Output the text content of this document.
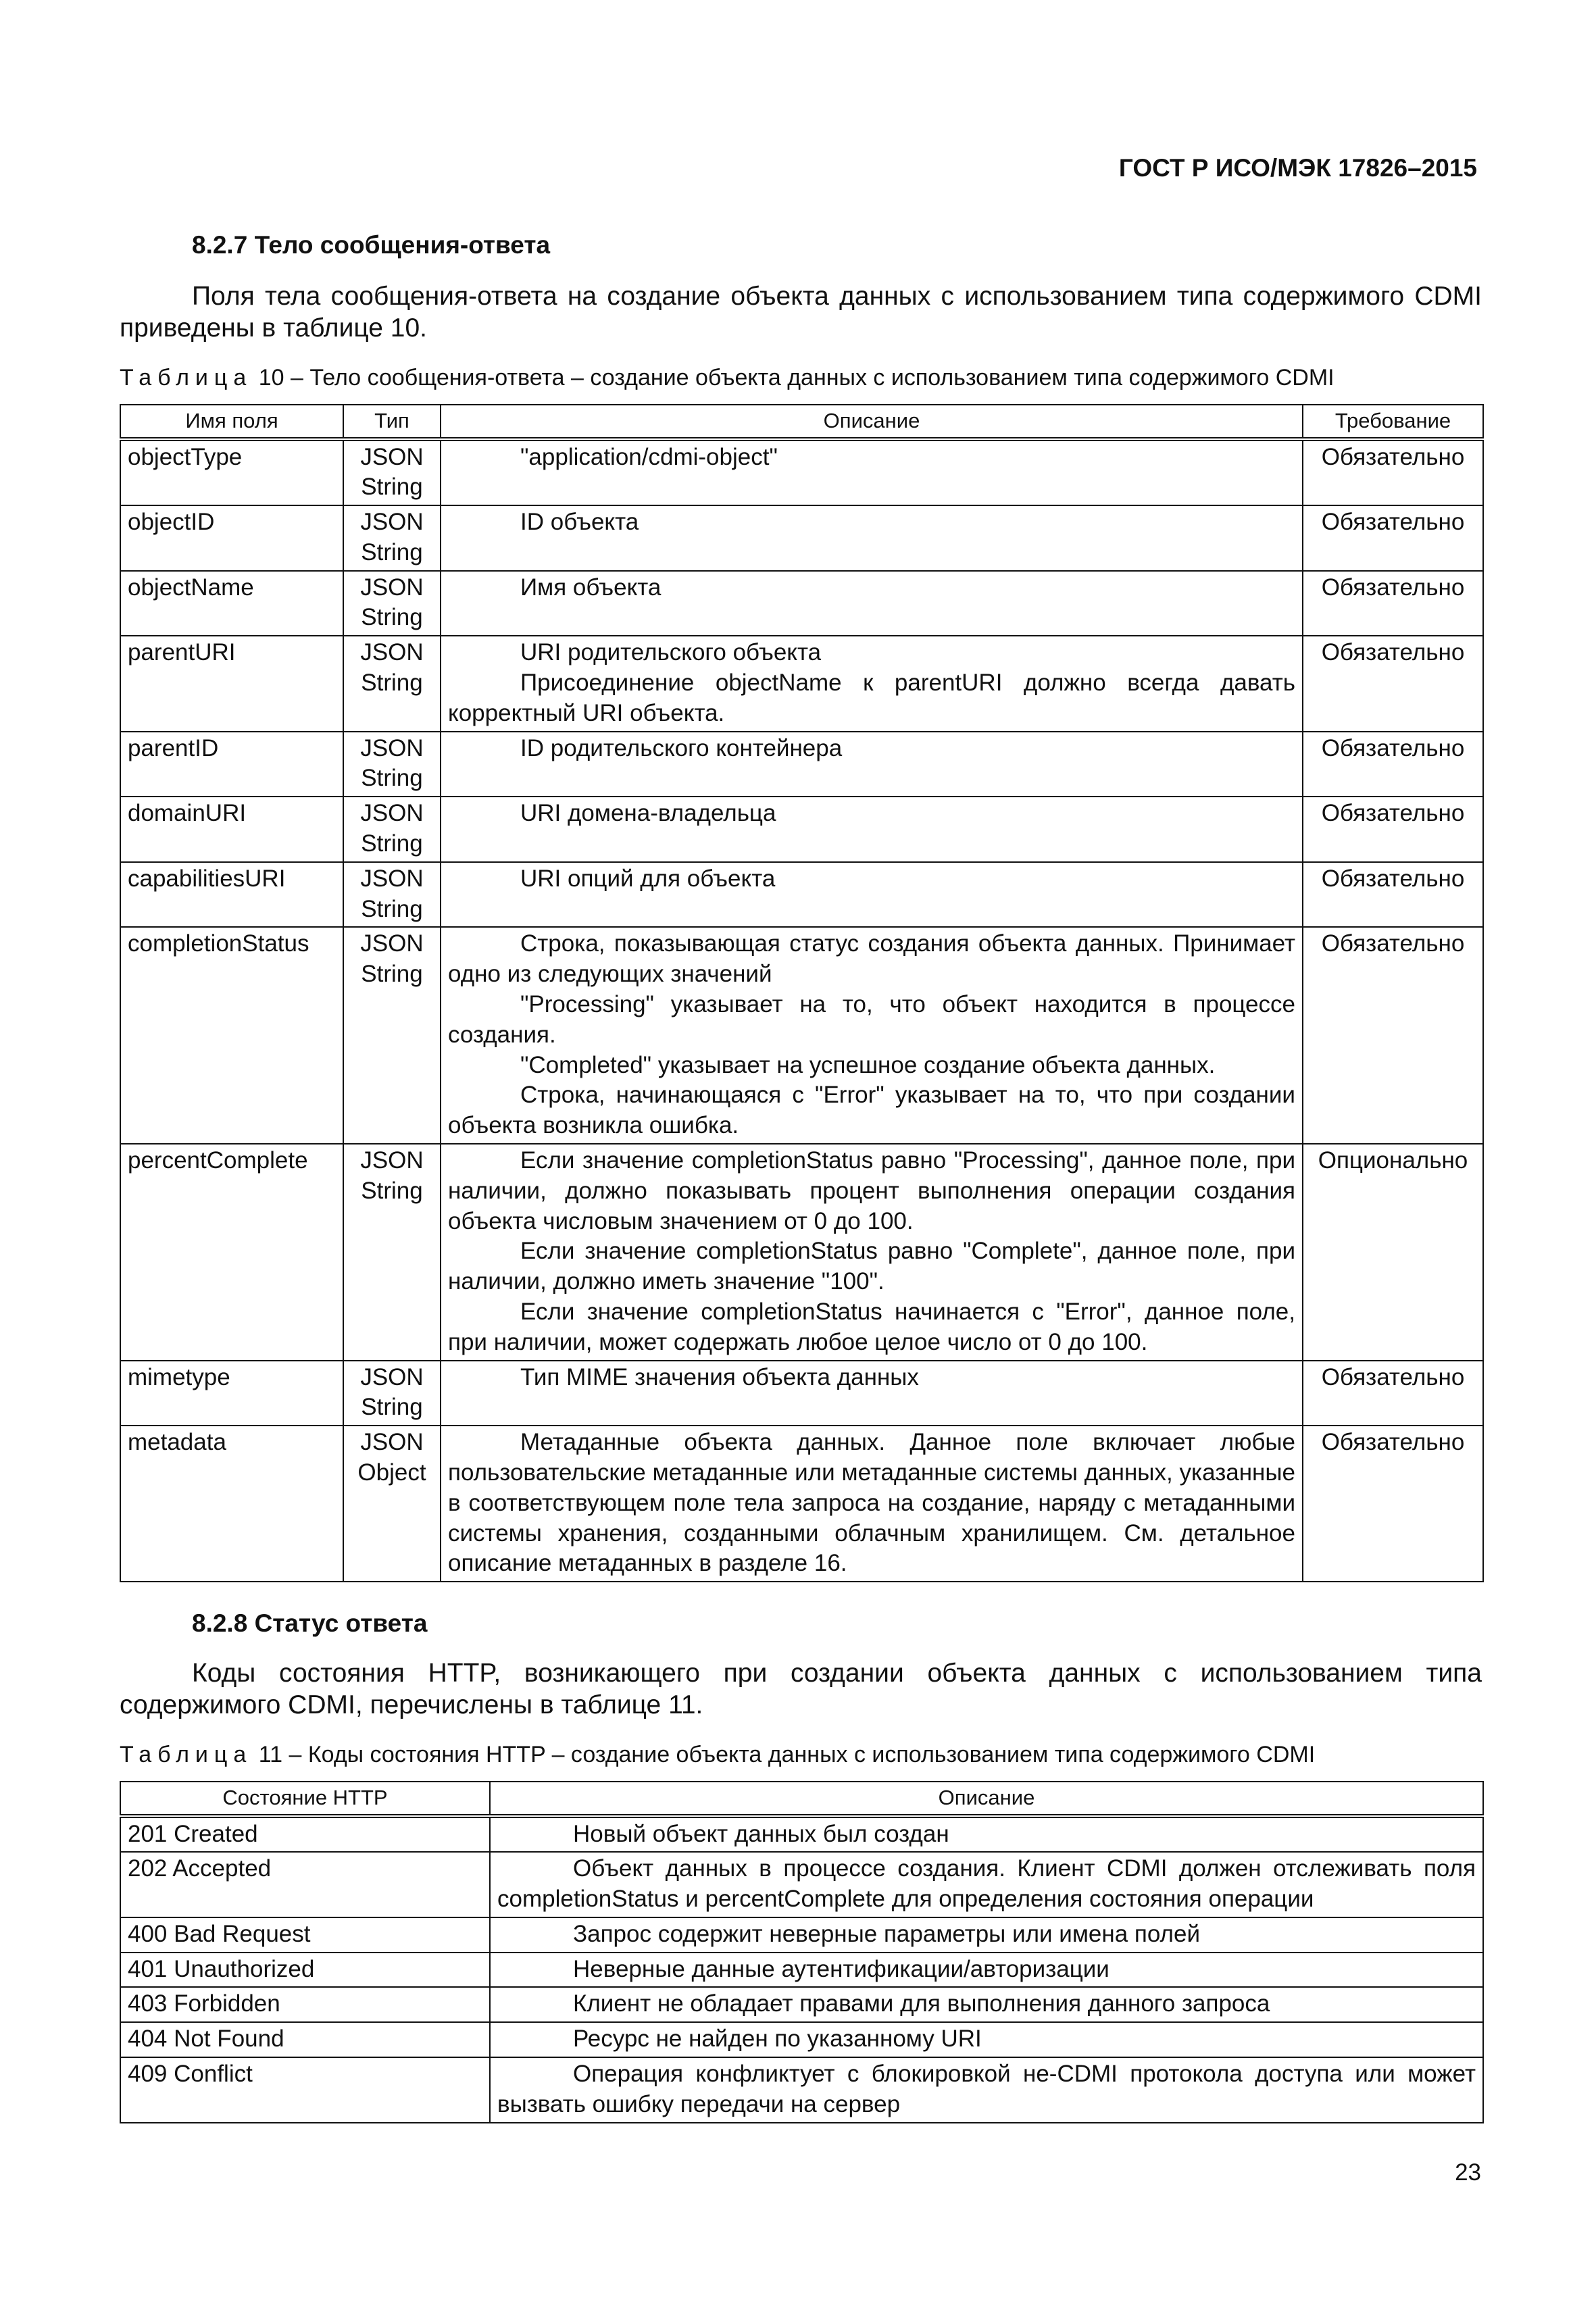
ГОСТ Р ИСО/МЭК 17826–2015
8.2.7 Тело сообщения-ответа

Поля тела сообщения-ответа на создание объекта данных с использованием типа содержимого CDMI приведены в таблице 10.

Таблица 10 – Тело сообщения-ответа – создание объекта данных с использованием типа содержимого CDMI
Имя поля	Тип	Описание	Требование
objectType	JSON String	"application/cdmi-object"	Обязательно
objectID	JSON String	ID объекта	Обязательно
objectName	JSON String	Имя объекта	Обязательно
parentURI	JSON String	URI родительского объекта

Присоединение objectName к parentURI должно всегда давать корректный URI объекта.	Обязательно
parentID	JSON String	ID родительского контейнера	Обязательно
domainURI	JSON String	URI домена-владельца	Обязательно
capabilitiesURI	JSON String	URI опций для объекта	Обязательно
completionStatus	JSON String	Строка, показывающая статус создания объекта данных. Принимает одно из следующих значений

"Processing" указывает на то, что объект находится в процессе создания.

"Completed" указывает на успешное создание объекта данных.

Строка, начинающаяся с "Error" указывает на то, что при создании объекта возникла ошибка.	Обязательно
percentComplete	JSON String	Если значение completionStatus равно "Processing", данное поле, при наличии, должно показывать процент выполнения операции создания объекта числовым значением от 0 до 100.

Если значение completionStatus равно "Complete", данное поле, при наличии, должно иметь значение "100".

Если значение completionStatus начинается с "Error", данное поле, при наличии, может содержать любое целое число от 0 до 100.	Опционально
mimetype	JSON String	Тип MIME значения объекта данных	Обязательно
metadata	JSON Object	Метаданные объекта данных. Данное поле включает любые пользовательские метаданные или метаданные системы данных, указанные в соответствующем поле тела запроса на создание, наряду с метаданными системы хранения, созданными облачным хранилищем. См. детальное описание метаданных в разделе 16.	Обязательно
8.2.8 Статус ответа

Коды состояния HTTP, возникающего при создании объекта данных с использованием типа содержимого CDMI, перечислены в таблице 11.

Таблица 11 – Коды состояния HTTP – создание объекта данных с использованием типа содержимого CDMI
Состояние HTTP	Описание
201 Created	Новый объект данных был создан

202 Accepted	Объект данных в процессе создания. Клиент CDMI должен отслеживать поля completionStatus и percentComplete для определения состояния операции

400 Bad Request	Запрос содержит неверные параметры или имена полей

401 Unauthorized	Неверные данные аутентификации/авторизации

403 Forbidden	Клиент не обладает правами для выполнения данного запроса

404 Not Found	Ресурс не найден по указанному URI

409 Conflict	Операция конфликтует с блокировкой не-CDMI протокола доступа или может вызвать ошибку передачи на сервер

23
